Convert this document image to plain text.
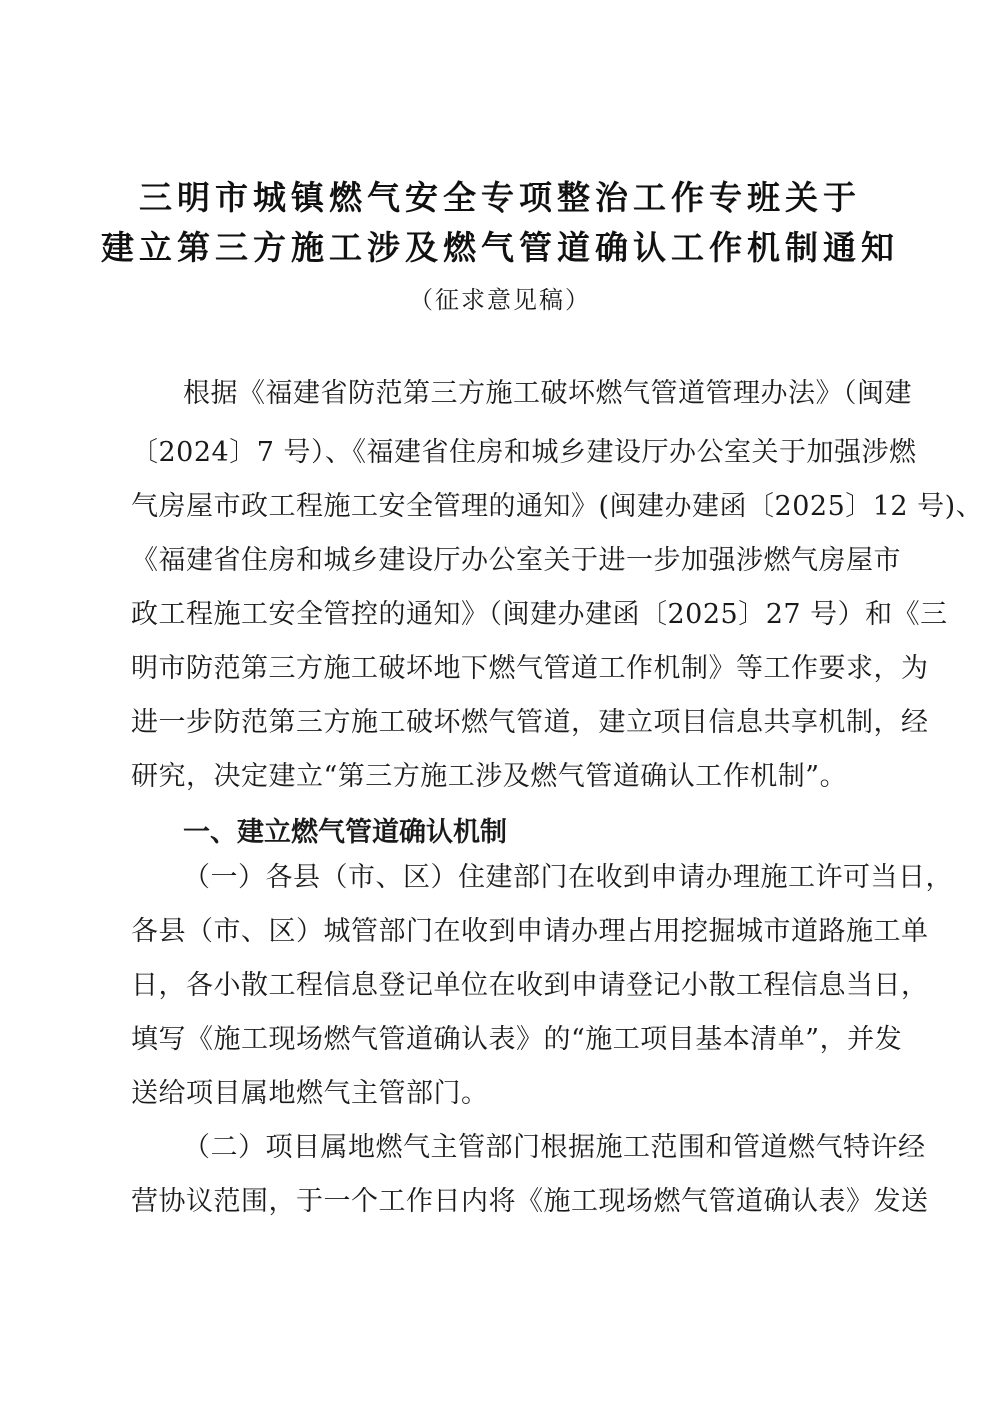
三明市城镇燃气安全专项整治工作专班关于
建立第三方施工涉及燃气管道确认工作机制通知
（征求意见稿）
根据《福建省防范第三方施工破坏燃气管道管理办法》（闽建
〔2024〕7 号）、《福建省住房和城乡建设厅办公室关于加强涉燃
气房屋市政工程施工安全管理的通知》(闽建办建函〔2025〕12 号)、
《福建省住房和城乡建设厅办公室关于进一步加强涉燃气房屋市
政工程施工安全管控的通知》（闽建办建函〔2025〕27 号）和《三
明市防范第三方施工破坏地下燃气管道工作机制》等工作要求，为
进一步防范第三方施工破坏燃气管道，建立项目信息共享机制，经
研究，决定建立“第三方施工涉及燃气管道确认工作机制”。
一、建立燃气管道确认机制
（一）各县（市、区）住建部门在收到申请办理施工许可当日，
各县（市、区）城管部门在收到申请办理占用挖掘城市道路施工单
日，各小散工程信息登记单位在收到申请登记小散工程信息当日，
填写《施工现场燃气管道确认表》的“施工项目基本清单”，并发
送给项目属地燃气主管部门。
（二）项目属地燃气主管部门根据施工范围和管道燃气特许经
营协议范围，于一个工作日内将《施工现场燃气管道确认表》发送
